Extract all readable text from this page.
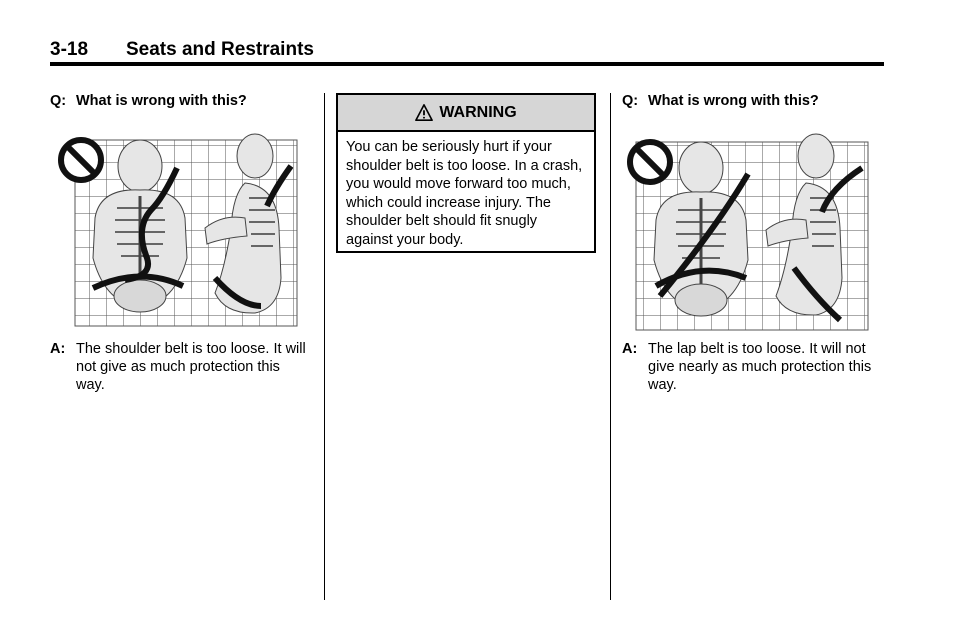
3-18 Seats and Restraints
Q: What is wrong with this?
A: The shoulder belt is too loose. It will not give as much protection this way.
WARNING
You can be seriously hurt if your shoulder belt is too loose. In a crash, you would move forward too much, which could increase injury. The shoulder belt should fit snugly against your body.
Q: What is wrong with this?
A: The lap belt is too loose. It will not give nearly as much protection this way.
